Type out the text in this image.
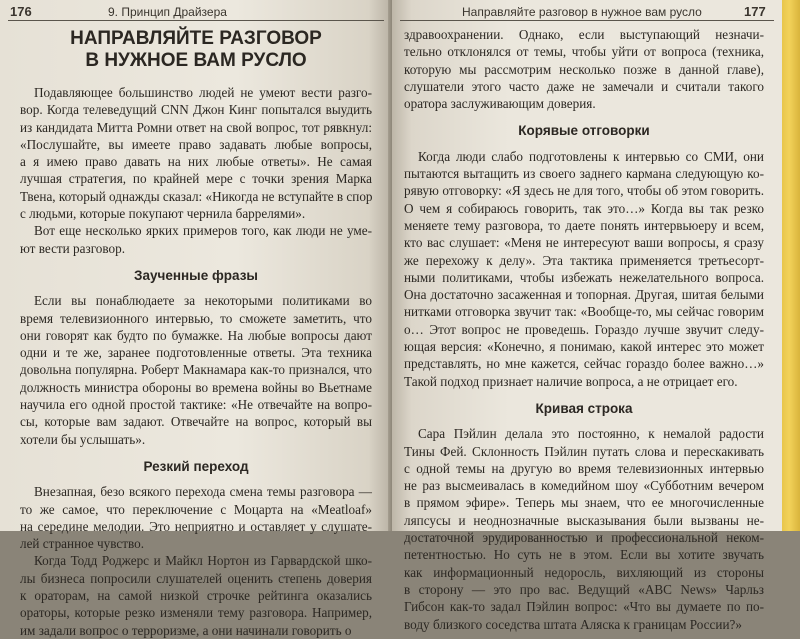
176	9. Принцип Драйзера
НАПРАВЛЯЙТЕ РАЗГОВОР
В НУЖНОЕ ВАМ РУСЛО
Подавляющее большинство людей не умеют вести разго-
вор. Когда телеведущий CNN Джон Кинг попытался выудить
из кандидата Митта Ромни ответ на свой вопрос, тот рявкнул:
«Послушайте, вы имеете право задавать любые вопросы,
а я имею право давать на них любые ответы». Не самая
лучшая стратегия, по крайней мере с точки зрения Марка
Твена, который однажды сказал: «Никогда не вступайте в спор
с людьми, которые покупают чернила баррелями».
Вот еще несколько ярких примеров того, как люди не уме-
ют вести разговор.
Заученные фразы
Если вы понаблюдаете за некоторыми политиками во
время телевизионного интервью, то сможете заметить, что
они говорят как будто по бумажке. На любые вопросы дают
одни и те же, заранее подготовленные ответы. Эта техника
довольна популярна. Роберт Макнамара как-то признался, что
должность министра обороны во времена войны во Вьетнаме
научила его одной простой тактике: «Не отвечайте на вопро-
сы, которые вам задают. Отвечайте на вопрос, который вы
хотели бы услышать».
Резкий переход
Внезапная, безо всякого перехода смена темы разговора —
то же самое, что переключение с Моцарта на «Meatloaf»
на середине мелодии. Это неприятно и оставляет у слушате-
лей странное чувство.
Когда Тодд Роджерс и Майкл Нортон из Гарвардской шко-
лы бизнеса попросили слушателей оценить степень доверия
к ораторам, на самой низкой строчке рейтинга оказались
ораторы, которые резко изменяли тему разговора. Например,
им задали вопрос о терроризме, а они начинали говорить о
Направляйте разговор в нужное вам русло	177
здравоохранении. Однако, если выступающий незначи-
тельно отклонялся от темы, чтобы уйти от вопроса (техника,
которую мы рассмотрим несколько позже в данной главе),
слушатели этого часто даже не замечали и считали такого
оратора заслуживающим доверия.
Корявые отговорки
Когда люди слабо подготовлены к интервью со СМИ, они
пытаются вытащить из своего заднего кармана следующую ко-
рявую отговорку: «Я здесь не для того, чтобы об этом говорить.
О чем я собираюсь говорить, так это…» Когда вы так резко
меняете тему разговора, то даете понять интервьюеру и всем,
кто вас слушает: «Меня не интересуют ваши вопросы, я сразу
же перехожу к делу». Эта тактика применяется третьесорт-
ными политиками, чтобы избежать нежелательного вопроса.
Она достаточно засаженная и топорная. Другая, шитая белыми
нитками отговорка звучит так: «Вообще-то, мы сейчас говорим
о… Этот вопрос не проведешь. Гораздо лучше звучит следу-
ющая версия: «Конечно, я понимаю, какой интерес это может
представлять, но мне кажется, сейчас гораздо более важно…»
Такой подход признает наличие вопроса, а не отрицает его.
Кривая строка
Сара Пэйлин делала это постоянно, к немалой радости
Тины Фей. Склонность Пэйлин путать слова и перескакивать
с одной темы на другую во время телевизионных интервью
не раз высмеивалась в комедийном шоу «Субботним вечером
в прямом эфире». Теперь мы знаем, что ее многочисленные
ляпсусы и неоднозначные высказывания были вызваны не-
достаточной эрудированностью и профессиональной неком-
петентностью. Но суть не в этом. Если вы хотите звучать
как информационный недоросль, вихляющий из стороны
в сторону — это про вас. Ведущий «ABC News» Чарльз
Гибсон как-то задал Пэйлин вопрос: «Что вы думаете по по-
воду близкого соседства штата Аляска к границам России?»
